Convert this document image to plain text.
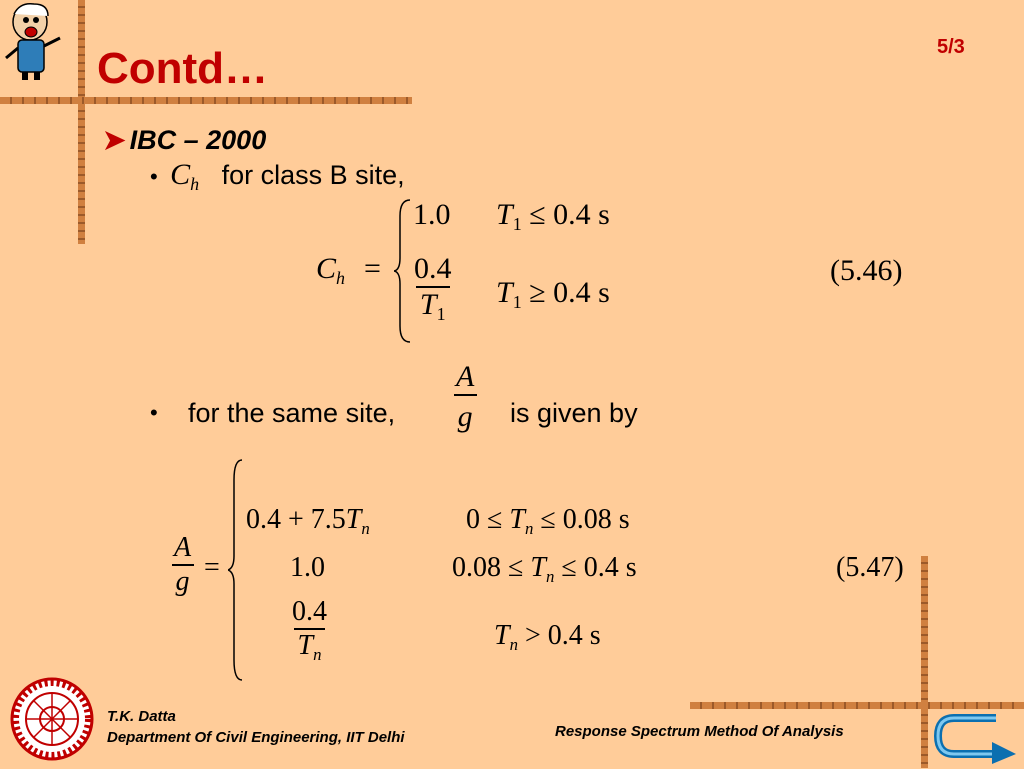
Contd…	5/3
➤ IBC – 2000
• $C_h$ for class B site,
$C_h$ =
1.0 $T_1 \le 0.4$ s
$\frac{0.4}{T_1} T_1 \ge 0.4$ s
(5.46)
• for the same site, $\frac{A}{g}$ is given by
$\frac{A}{g}$ =
$0.4 + 7.5T_n$	$0 \le T_n \le 0.08$ s
1.0	$0.08 \le T_n \le 0.4$ s
$\frac{0.4}{T_n}$	$T_n > 0.4$ s
(5.47)
T.K. Datta
Department Of Civil Engineering, IIT Delhi	Response Spectrum Method Of Analysis
